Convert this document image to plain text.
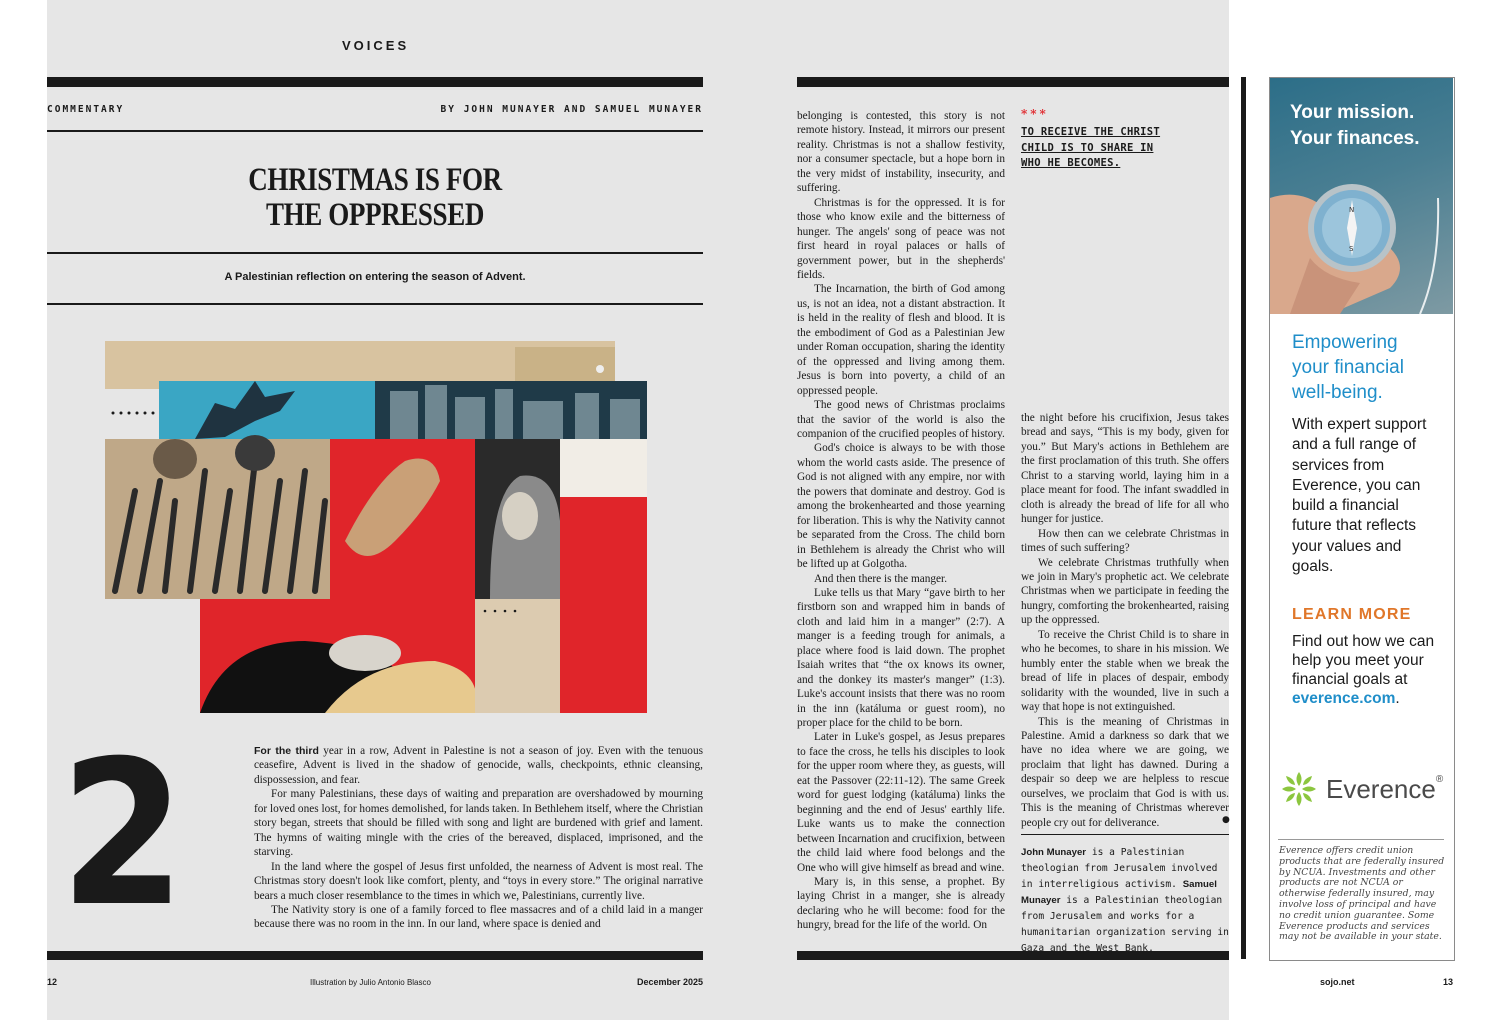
VOICES
COMMENTARY	BY JOHN MUNAYER AND SAMUEL MUNAYER
CHRISTMAS IS FOR
THE OPPRESSED
A Palestinian reflection on entering the season of Advent.
2	For the third year in a row, Advent in Palestine is not a season of joy. Even with the tenuous ceasefire, Advent is lived in the shadow of genocide, walls, checkpoints, ethnic cleansing, dispossession, and fear.

For many Palestinians, these days of waiting and preparation are overshadowed by mourning for loved ones lost, for homes demolished, for lands taken. In Bethlehem itself, where the Christian story began, streets that should be filled with song and light are burdened with grief and lament. The hymns of waiting mingle with the cries of the bereaved, displaced, imprisoned, and the starving.

In the land where the gospel of Jesus first unfolded, the nearness of Advent is most real. The Christmas story doesn't look like comfort, plenty, and “toys in every store.” The original narrative bears a much closer resemblance to the times in which we, Palestinians, currently live.

The Nativity story is one of a family forced to flee massacres and of a child laid in a manger because there was no room in the inn. In our land, where space is denied and

12	Illustration by Julio Antonio Blasco	December 2025	sojo.net	13

belonging is contested, this story is not remote history. Instead, it mirrors our present reality. Christmas is not a shallow festivity, nor a consumer spectacle, but a hope born in the very midst of instability, insecurity, and suffering.

Christmas is for the oppressed. It is for those who know exile and the bitterness of hunger. The angels' song of peace was not first heard in royal palaces or halls of government power, but in the shepherds' fields.

The Incarnation, the birth of God among us, is not an idea, not a distant abstraction. It is held in the reality of flesh and blood. It is the embodiment of God as a Palestinian Jew under Roman occupation, sharing the identity of the oppressed and living among them. Jesus is born into poverty, a child of an oppressed people.

The good news of Christmas proclaims that the savior of the world is also the companion of the crucified peoples of history.

God's choice is always to be with those whom the world casts aside. The presence of God is not aligned with any empire, nor with the powers that dominate and destroy. God is among the brokenhearted and those yearning for liberation. This is why the Nativity cannot be separated from the Cross. The child born in Bethlehem is already the Christ who will be lifted up at Golgotha.

And then there is the manger.

Luke tells us that Mary “gave birth to her firstborn son and wrapped him in bands of cloth and laid him in a manger” (2:7). A manger is a feeding trough for animals, a place where food is laid down. The prophet Isaiah writes that “the ox knows its owner, and the donkey its master's manger” (1:3). Luke's account insists that there was no room in the inn (katáluma or guest room), no proper place for the child to be born.

Later in Luke's gospel, as Jesus prepares to face the cross, he tells his disciples to look for the upper room where they, as guests, will eat the Passover (22:11-12). The same Greek word for guest lodging (katáluma) links the beginning and the end of Jesus' earthly life. Luke wants us to make the connection between Incarnation and crucifixion, between the child laid where food belongs and the One who will give himself as bread and wine.

Mary is, in this sense, a prophet. By laying Christ in a manger, she is already declaring who he will become: food for the hungry, bread for the life of the world. On

***
TO RECEIVE THE CHRIST CHILD IS TO SHARE IN WHO HE BECOMES.

the night before his crucifixion, Jesus takes bread and says, “This is my body, given for you.” But Mary's actions in Bethlehem are the first proclamation of this truth. She offers Christ to a starving world, laying him in a place meant for food. The infant swaddled in cloth is already the bread of life for all who hunger for justice.

How then can we celebrate Christmas in times of such suffering?

We celebrate Christmas truthfully when we join in Mary's prophetic act. We celebrate Christmas when we participate in feeding the hungry, comforting the brokenhearted, raising up the oppressed.

To receive the Christ Child is to share in who he becomes, to share in his mission. We humbly enter the stable when we break the bread of life in places of despair, embody solidarity with the wounded, live in such a way that hope is not extinguished.

This is the meaning of Christmas in Palestine. Amid a darkness so dark that we have no idea where we are going, we proclaim that light has dawned. During a despair so deep we are helpless to rescue ourselves, we proclaim that God is with us. This is the meaning of Christmas wherever people cry out for deliverance.	●
John Munayer is a Palestinian theologian from Jerusalem involved in interreligious activism. Samuel Munayer is a Palestinian theologian from Jerusalem and works for a humanitarian organization serving in Gaza and the West Bank.
N
S
Your mission.
Your finances.
Empowering your financial well-being.
With expert support and a full range of services from Everence, you can build a financial future that reflects your values and goals.
LEARN MORE
Find out how we can help you meet your financial goals at everence.com.
Everence®
Everence offers credit union products that are federally insured by NCUA. Investments and other products are not NCUA or otherwise federally insured, may involve loss of principal and have no credit union guarantee. Some Everence products and services may not be available in your state.
